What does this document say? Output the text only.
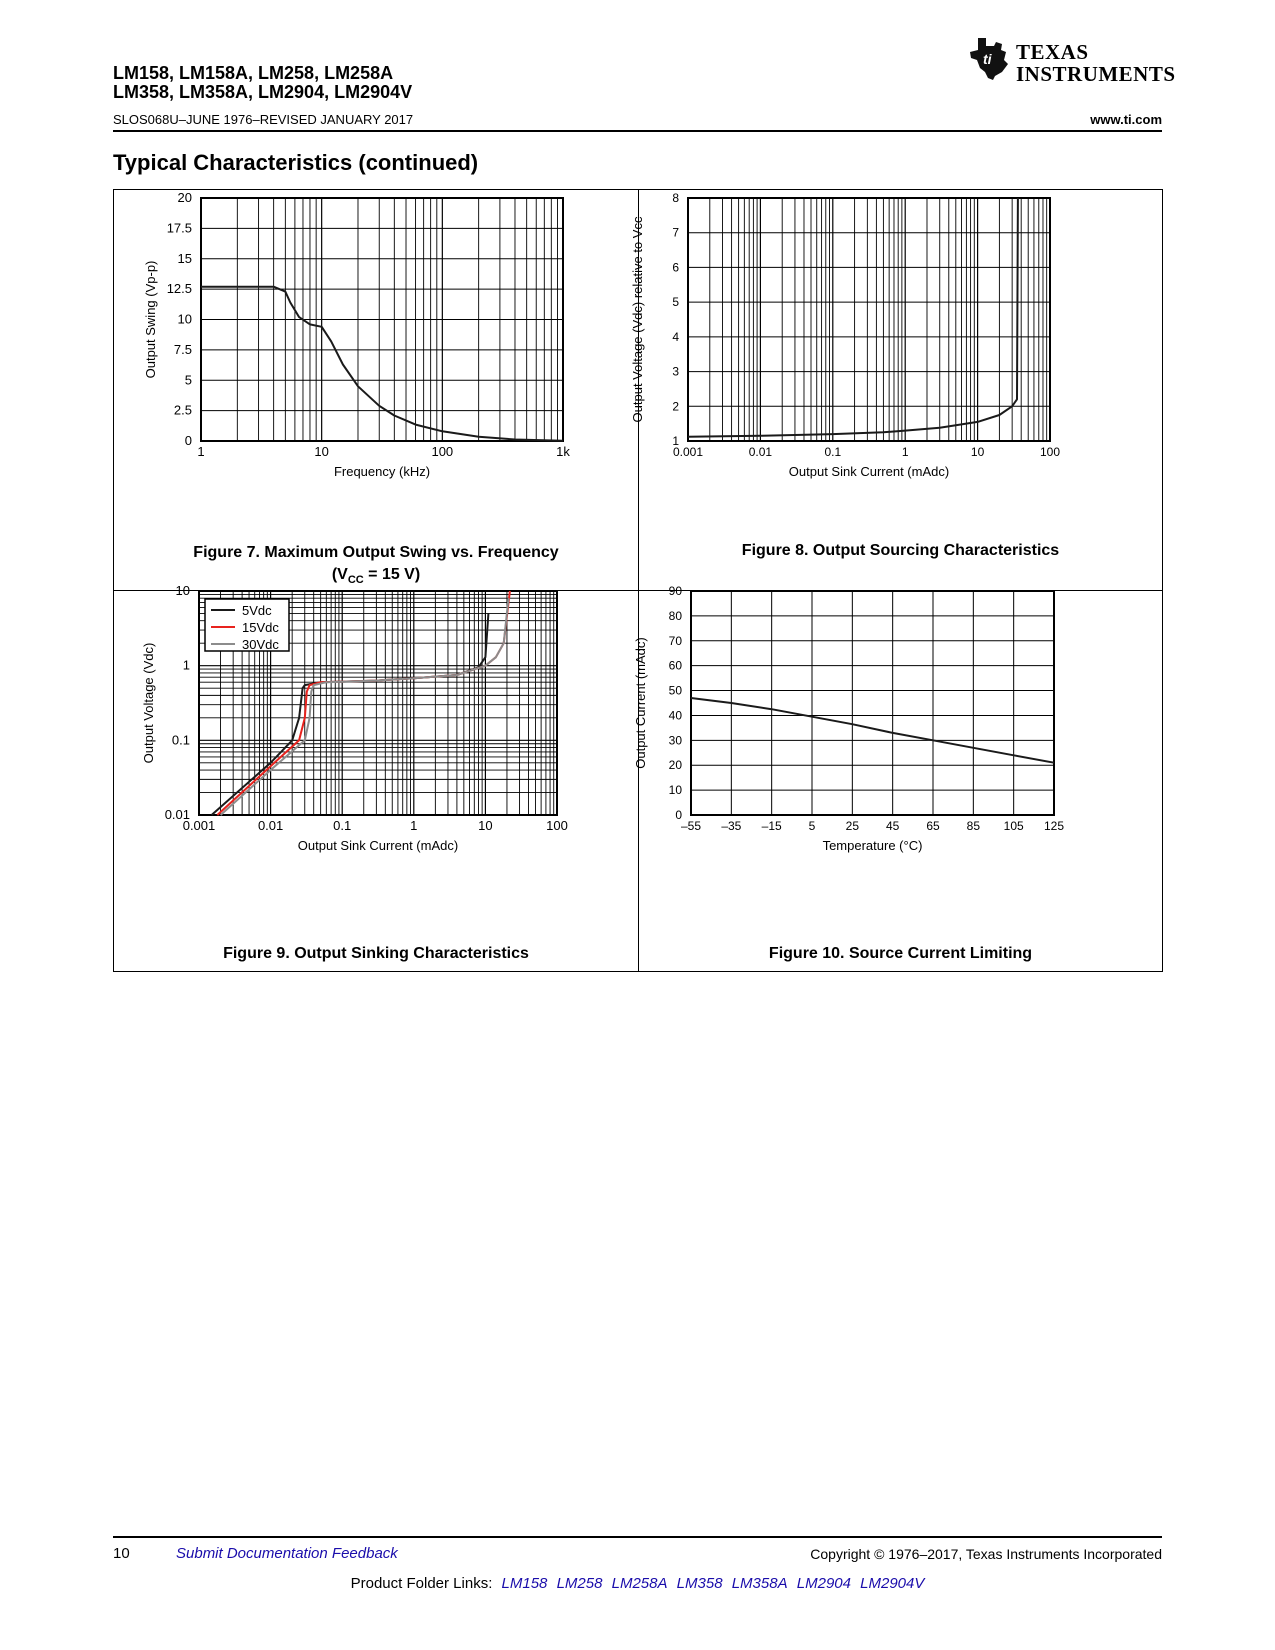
LM158, LM158A, LM258, LM258A
LM358, LM358A, LM2904, LM2904V
ti TEXAS
INSTRUMENTS
SLOS068U–JUNE 1976–REVISED JANUARY 2017	www.ti.com
Typical Characteristics (continued)
1	10	100	1k
0
2.5
5
7.5
10
12.5
15
17.5
20
Frequency (kHz)
Output Swing (Vp-p)
0.001	0.01	0.1	1	10	100
1
2
3
4
5
6
7
8
Output Sink Current (mAdc)
Output Voltage (Vdc) relative to Vcc
0.001	0.01	0.1	1	10	100
0.01
0.1
1
10
Output Sink Current (mAdc)
Output Voltage (Vdc)
5Vdc
15Vdc
30Vdc
–55 –35 –15 5	25 45 65 85 105 125
0
10
20
30
40
50
60
70
80
90
Temperature (°C)
Output Current (mAdc)
Figure 7. Maximum Output Swing vs. Frequency
($V_{CC} = 15$ V)
Figure 8. Output Sourcing Characteristics
Figure 9. Output Sinking Characteristics	Figure 10. Source Current Limiting
10	Submit Documentation Feedback	Copyright © 1976–2017, Texas Instruments Incorporated
Product Folder Links: LM158 LM258 LM258A LM358 LM358A LM2904 LM2904V
